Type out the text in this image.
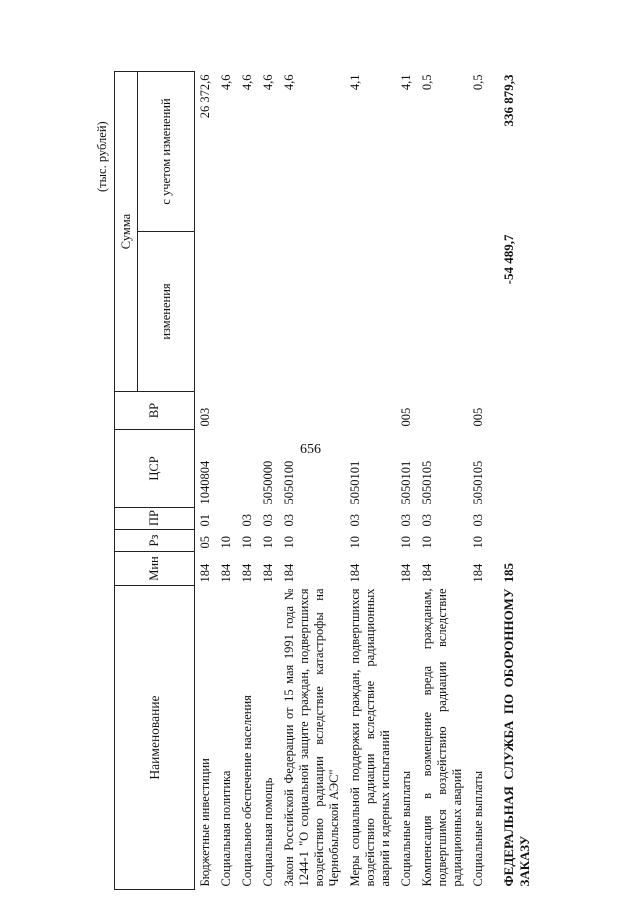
656
(тыс. рублей)
Наименование	Мин	Рз	ПР	ЦСР	ВР	Сумма	
						изменения	с учетом изменений
Бюджетные инвестиции	184	05	01	1040804	003		26 372,6
Социальная политика	184	10					4,6
Социальное обеспечение населения	184	10	03				4,6
Социальная помощь	184	10	03	5050000			4,6
Закон Российской Федерации от 15 мая 1991 года № 1244-1 "О социальной защите граждан, подвергшихся воздействию радиации вследствие катастрофы на Чернобыльской АЭС"	184	10	03	5050100			4,6
Меры социальной поддержки граждан, подвергшихся воздействию радиации вследствие радиационных аварий и ядерных испытаний	184	10	03	5050101			4,1
Социальные выплаты	184	10	03	5050101	005		4,1
Компенсация в возмещение вреда гражданам, подвергшимся воздействию радиации вследствие радиационных аварий	184	10	03	5050105			0,5
Социальные выплаты	184	10	03	5050105	005		0,5
ФЕДЕРАЛЬНАЯ СЛУЖБА ПО ОБОРОННОМУ ЗАКАЗУ	185					-54 489,7	336 879,3
